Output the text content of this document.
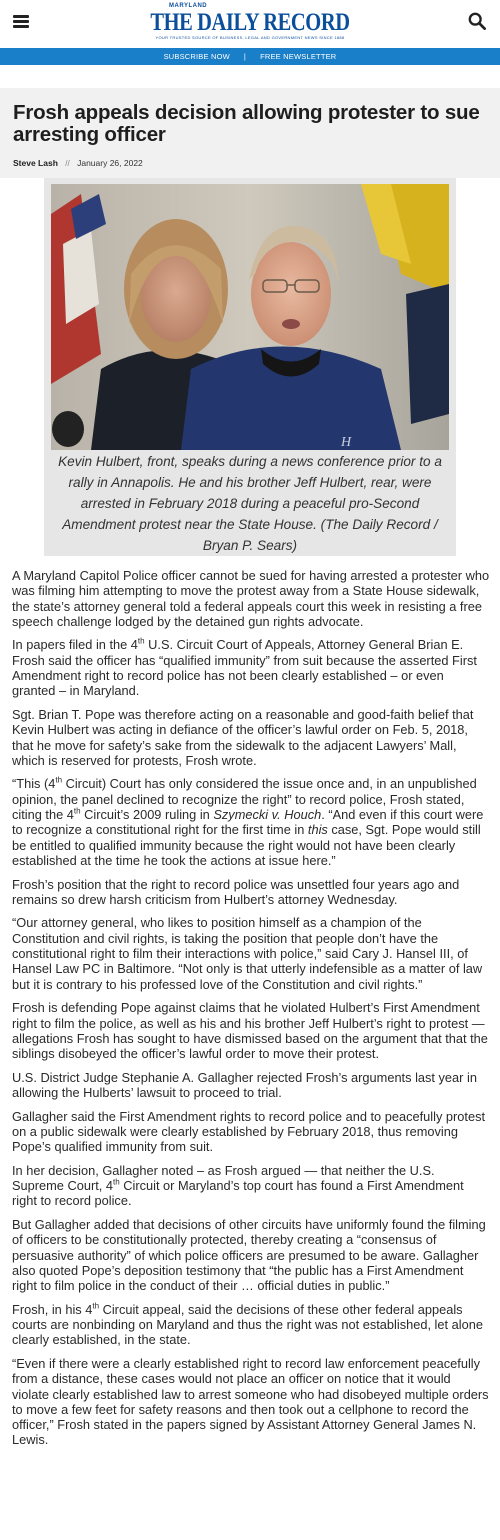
MARYLAND
THE DAILY RECORD
YOUR TRUSTED SOURCE OF BUSINESS, LEGAL AND GOVERNMENT NEWS SINCE 1888
SUBSCRIBE NOW | FREE NEWSLETTER
Frosh appeals decision allowing protester to sue arresting officer
Steve Lash // January 26, 2022
H

Kevin Hulbert, front, speaks during a news conference prior to a rally in Annapolis. He and his brother Jeff Hulbert, rear, were arrested in February 2018 during a peaceful pro-Second Amendment protest near the State House. (The Daily Record / Bryan P. Sears)

A Maryland Capitol Police officer cannot be sued for having arrested a protester who was filming him attempting to move the protest away from a State House sidewalk, the state’s attorney general told a federal appeals court this week in resisting a free speech challenge lodged by the detained gun rights advocate.

In papers filed in the 4th U.S. Circuit Court of Appeals, Attorney General Brian E. Frosh said the officer has “qualified immunity” from suit because the asserted First Amendment right to record police has not been clearly established – or even granted – in Maryland.

Sgt. Brian T. Pope was therefore acting on a reasonable and good-faith belief that Kevin Hulbert was acting in defiance of the officer’s lawful order on Feb. 5, 2018, that he move for safety’s sake from the sidewalk to the adjacent Lawyers’ Mall, which is reserved for protests, Frosh wrote.

“This (4th Circuit) Court has only considered the issue once and, in an unpublished opinion, the panel declined to recognize the right” to record police, Frosh stated, citing the 4th Circuit’s 2009 ruling in Szymecki v. Houch. “And even if this court were to recognize a constitutional right for the first time in this case, Sgt. Pope would still be entitled to qualified immunity because the right would not have been clearly established at the time he took the actions at issue here.”

Frosh’s position that the right to record police was unsettled four years ago and remains so drew harsh criticism from Hulbert’s attorney Wednesday.

“Our attorney general, who likes to position himself as a champion of the Constitution and civil rights, is taking the position that people don’t have the constitutional right to film their interactions with police,” said Cary J. Hansel III, of Hansel Law PC in Baltimore. “Not only is that utterly indefensible as a matter of law but it is contrary to his professed love of the Constitution and civil rights.”

Frosh is defending Pope against claims that he violated Hulbert’s First Amendment right to film the police, as well as his and his brother Jeff Hulbert’s right to protest — allegations Frosh has sought to have dismissed based on the argument that that the siblings disobeyed the officer’s lawful order to move their protest.

U.S. District Judge Stephanie A. Gallagher rejected Frosh’s arguments last year in allowing the Hulberts’ lawsuit to proceed to trial.

Gallagher said the First Amendment rights to record police and to peacefully protest on a public sidewalk were clearly established by February 2018, thus removing Pope’s qualified immunity from suit.

In her decision, Gallagher noted – as Frosh argued — that neither the U.S. Supreme Court, 4th Circuit or Maryland’s top court has found a First Amendment right to record police.

But Gallagher added that decisions of other circuits have uniformly found the filming of officers to be constitutionally protected, thereby creating a “consensus of persuasive authority” of which police officers are presumed to be aware. Gallagher also quoted Pope’s deposition testimony that “the public has a First Amendment right to film police in the conduct of their … official duties in public.”

Frosh, in his 4th Circuit appeal, said the decisions of these other federal appeals courts are nonbinding on Maryland and thus the right was not established, let alone clearly established, in the state.

“Even if there were a clearly established right to record law enforcement peacefully from a distance, these cases would not place an officer on notice that it would violate clearly established law to arrest someone who had disobeyed multiple orders to move a few feet for safety reasons and then took out a cellphone to record the officer,” Frosh stated in the papers signed by Assistant Attorney General James N. Lewis.
